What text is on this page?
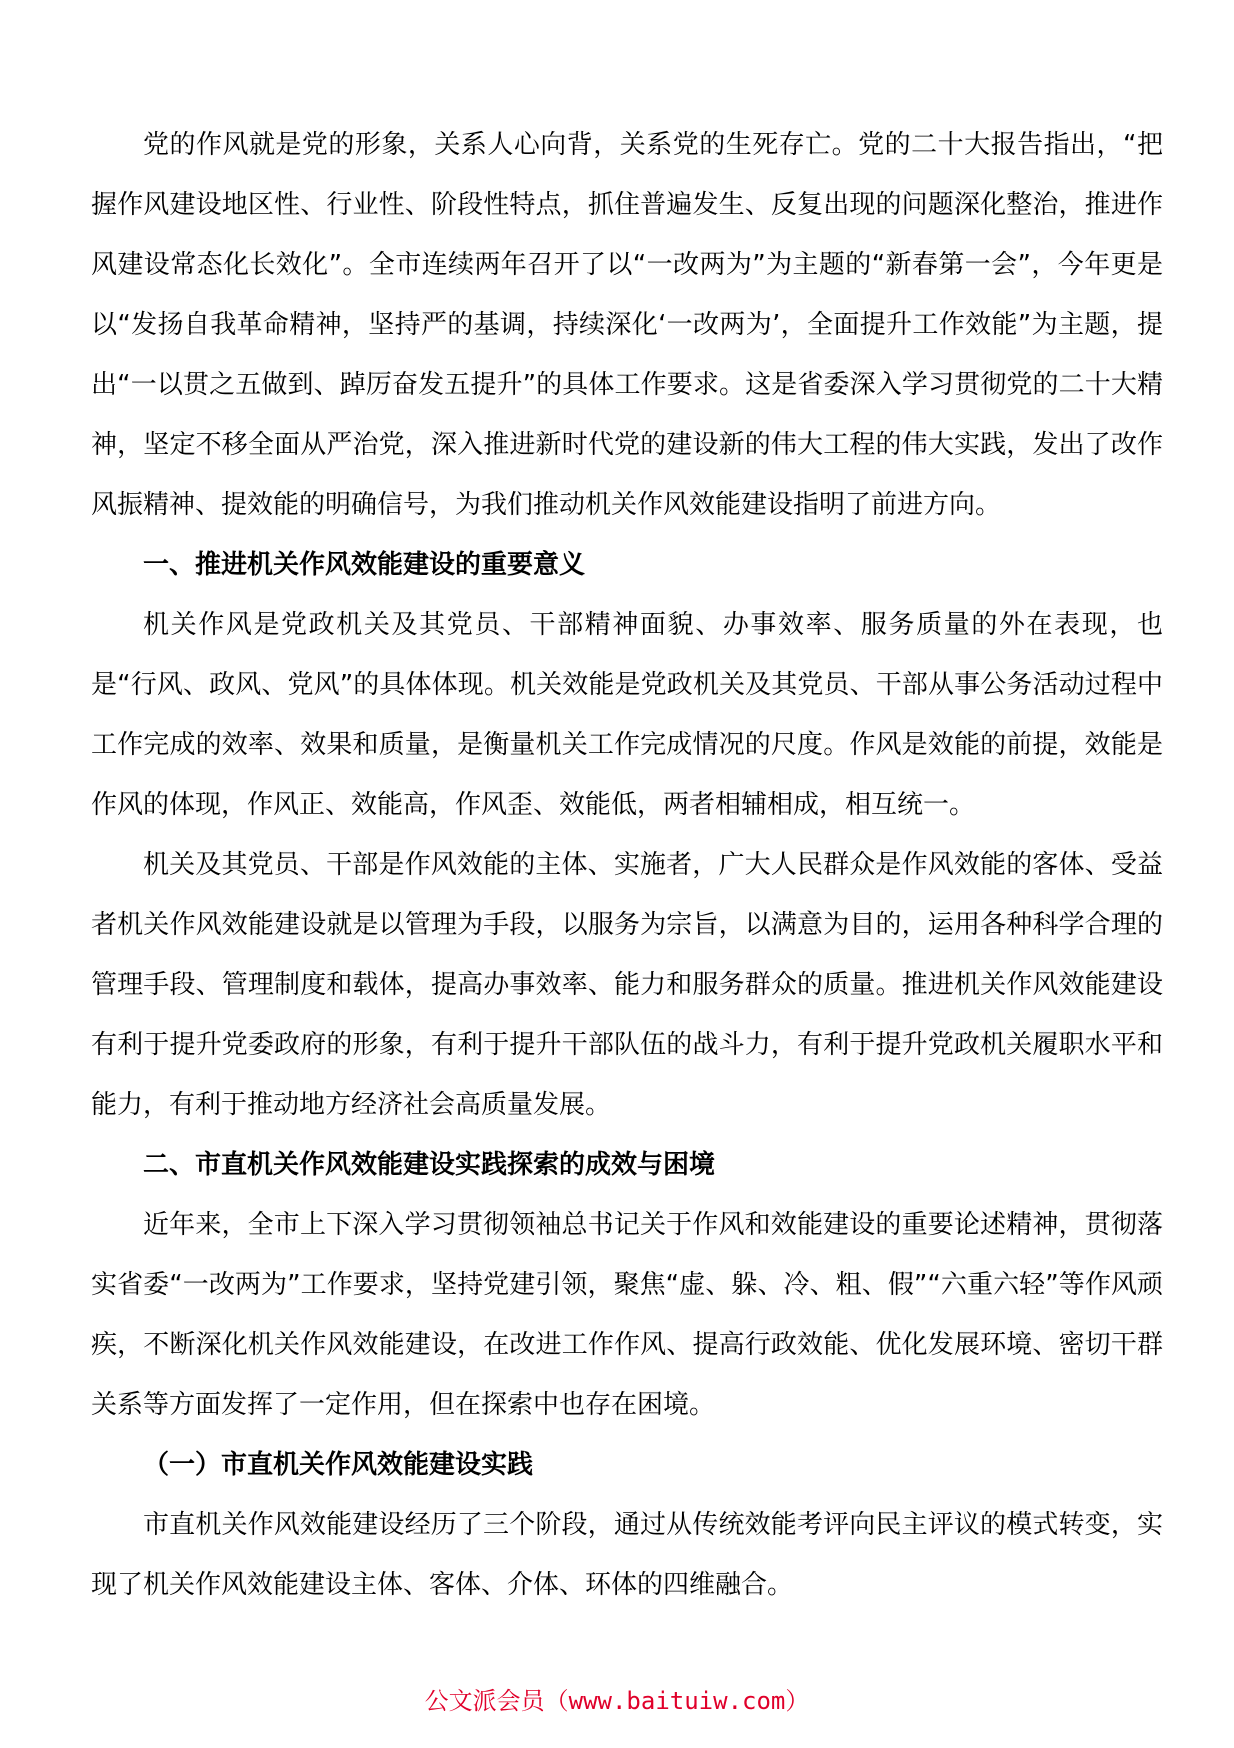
党的作风就是党的形象，关系人心向背，关系党的生死存亡。党的二十大报告指出，“把握作风建设地区性、行业性、阶段性特点，抓住普遍发生、反复出现的问题深化整治，推进作风建设常态化长效化”。全市连续两年召开了以“一改两为”为主题的“新春第一会”，今年更是以“发扬自我革命精神，坚持严的基调，持续深化‘一改两为’，全面提升工作效能”为主题，提出“一以贯之五做到、踔厉奋发五提升”的具体工作要求。这是省委深入学习贯彻党的二十大精神，坚定不移全面从严治党，深入推进新时代党的建设新的伟大工程的伟大实践，发出了改作风振精神、提效能的明确信号，为我们推动机关作风效能建设指明了前进方向。

一、推进机关作风效能建设的重要意义

机关作风是党政机关及其党员、干部精神面貌、办事效率、服务质量的外在表现，也是“行风、政风、党风”的具体体现。机关效能是党政机关及其党员、干部从事公务活动过程中工作完成的效率、效果和质量，是衡量机关工作完成情况的尺度。作风是效能的前提，效能是作风的体现，作风正、效能高，作风歪、效能低，两者相辅相成，相互统一。

机关及其党员、干部是作风效能的主体、实施者，广大人民群众是作风效能的客体、受益者机关作风效能建设就是以管理为手段，以服务为宗旨，以满意为目的，运用各种科学合理的管理手段、管理制度和载体，提高办事效率、能力和服务群众的质量。推进机关作风效能建设有利于提升党委政府的形象，有利于提升干部队伍的战斗力，有利于提升党政机关履职水平和能力，有利于推动地方经济社会高质量发展。

二、市直机关作风效能建设实践探索的成效与困境

近年来，全市上下深入学习贯彻领袖总书记关于作风和效能建设的重要论述精神，贯彻落实省委“一改两为”工作要求，坚持党建引领，聚焦“虚、躲、冷、粗、假”“六重六轻”等作风顽疾，不断深化机关作风效能建设，在改进工作作风、提高行政效能、优化发展环境、密切干群关系等方面发挥了一定作用，但在探索中也存在困境。

（一）市直机关作风效能建设实践

市直机关作风效能建设经历了三个阶段，通过从传统效能考评向民主评议的模式转变，实现了机关作风效能建设主体、客体、介体、环体的四维融合。

公文派会员（www.baituiw.com）
